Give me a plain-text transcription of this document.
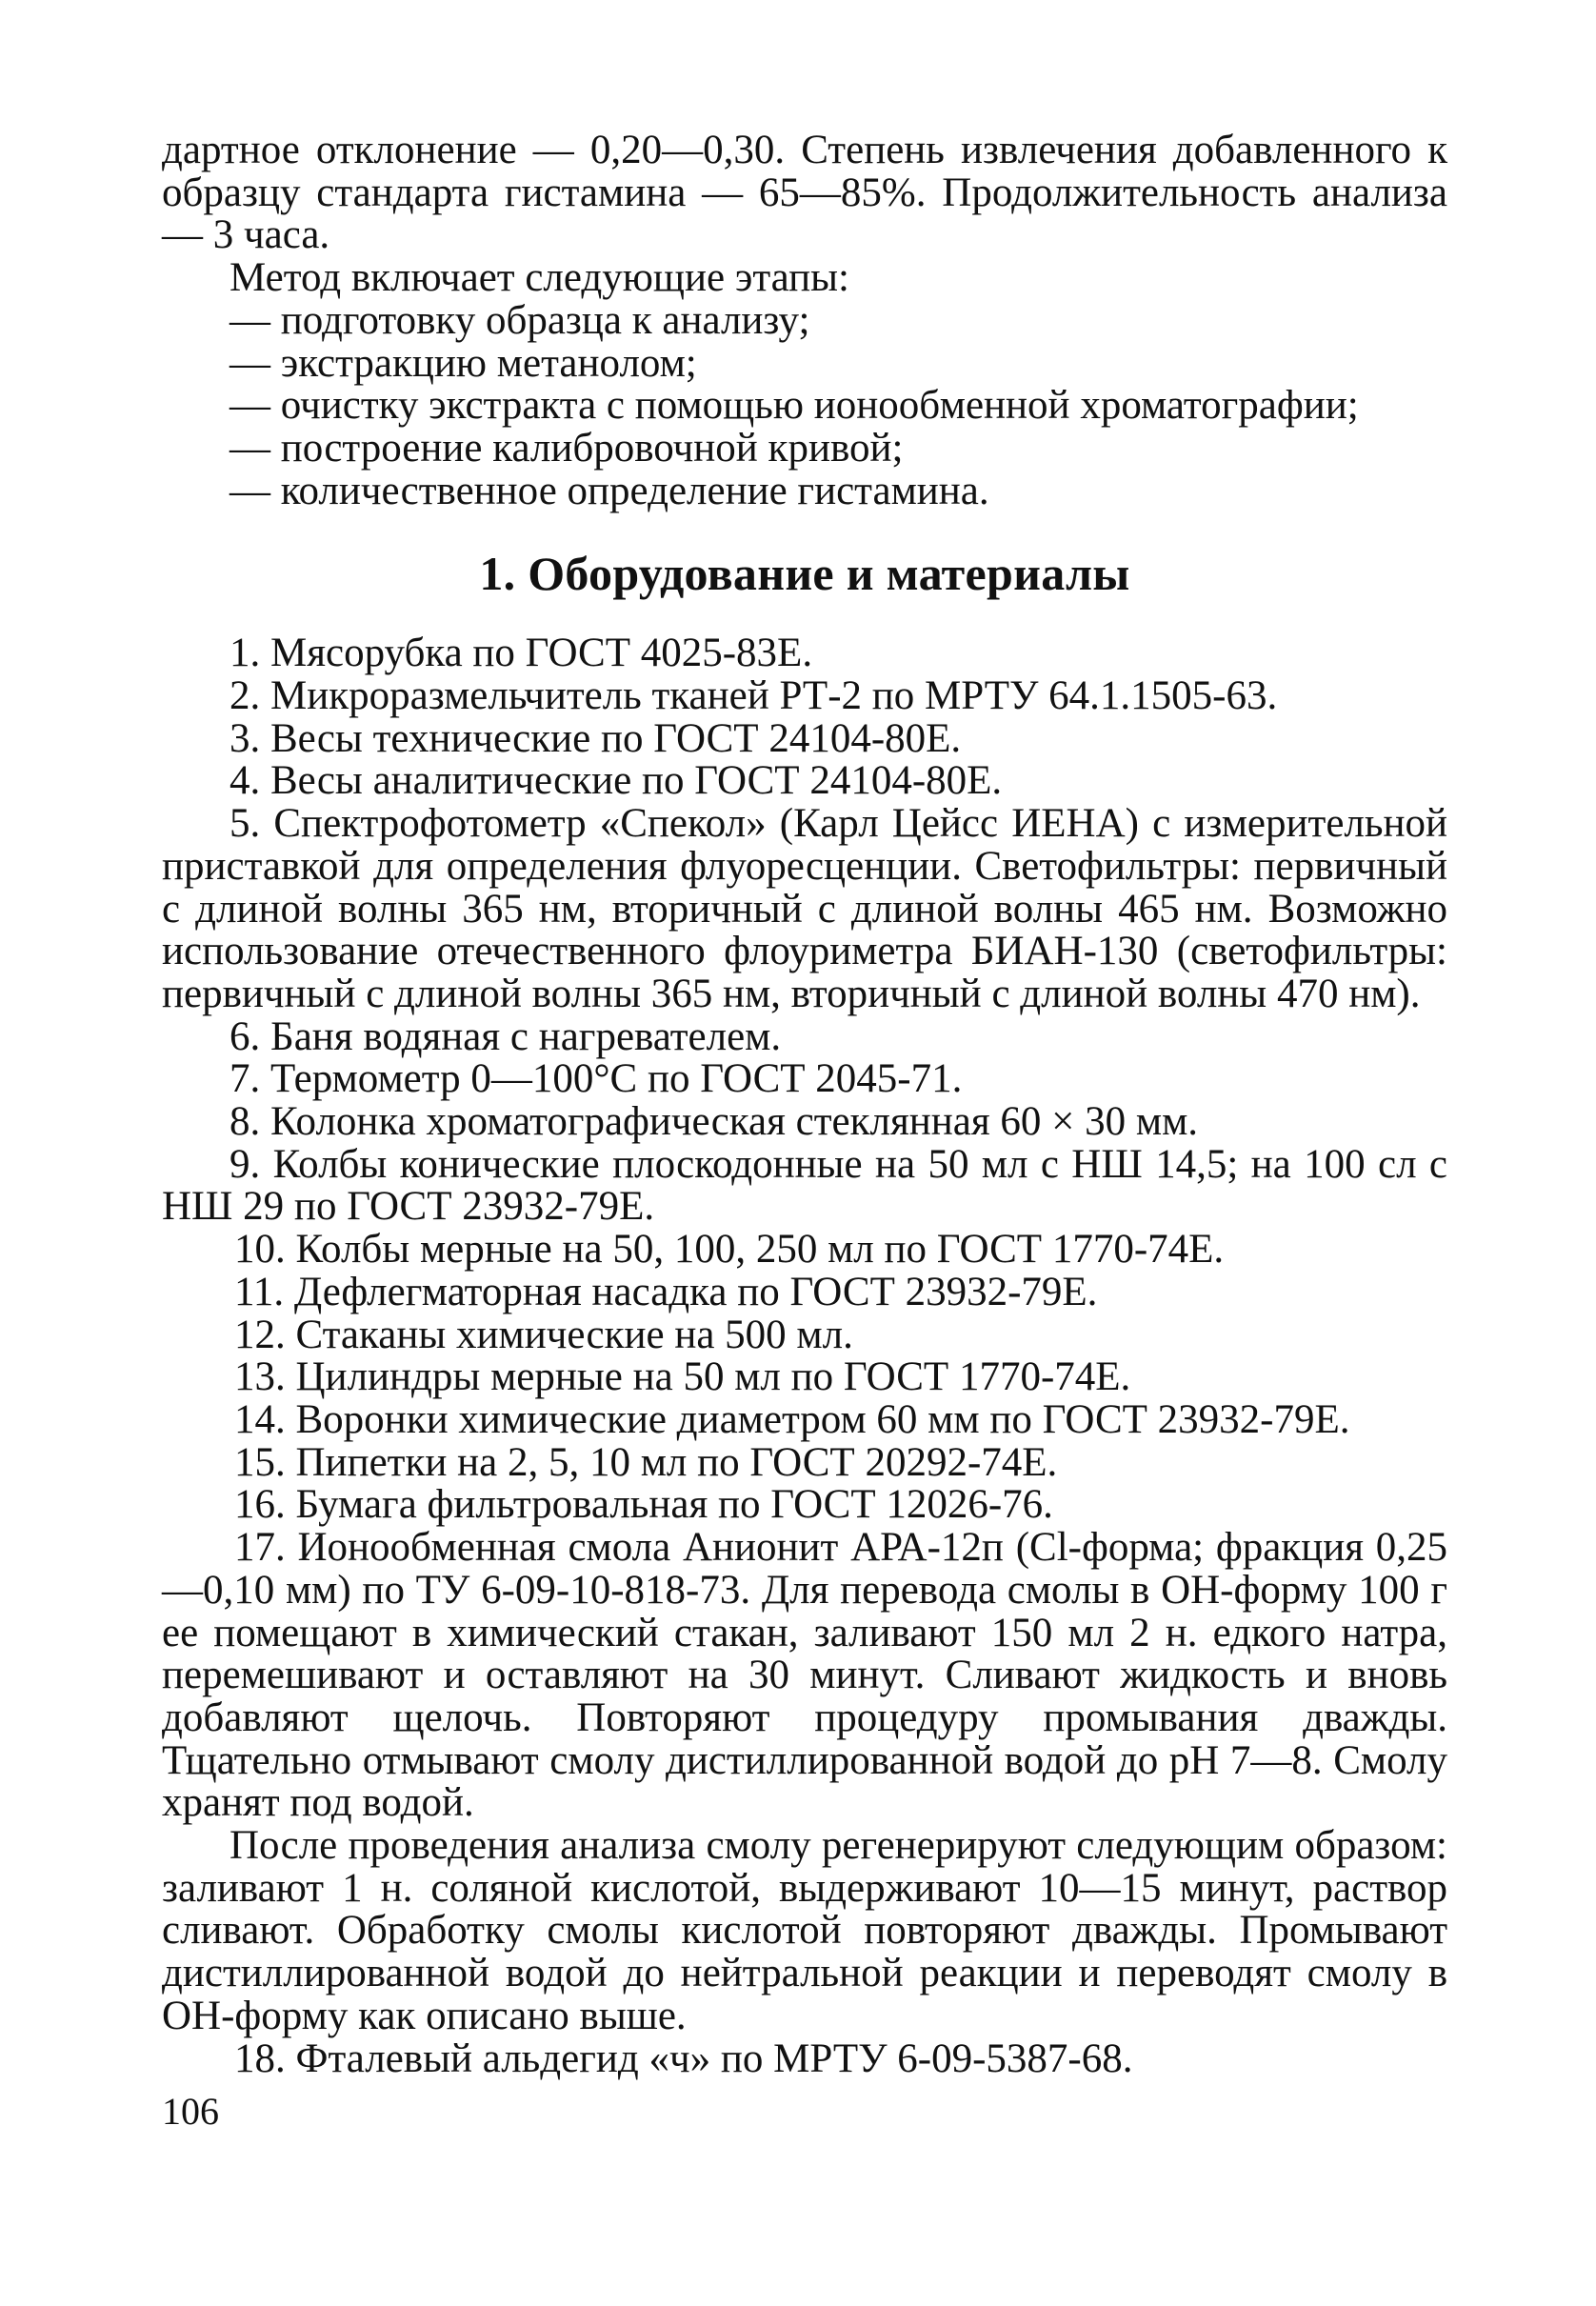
дартное отклонение — 0,20—0,30. Степень извлечения добавленного к образцу стандарта гистамина — 65—85%. Продолжительность анализа — 3 часа.

Метод включает следующие этапы:

— подготовку образца к анализу;

— экстракцию метанолом;

— очистку экстракта с помощью ионообменной хроматографии;

— построение калибровочной кривой;

— количественное определение гистамина.

1. Оборудование и материалы

1. Мясорубка по ГОСТ 4025-83Е.

2. Микроразмельчитель тканей РТ-2 по МРТУ 64.1.1505-63.

3. Весы технические по ГОСТ 24104-80Е.

4. Весы аналитические по ГОСТ 24104-80Е.

5. Спектрофотометр «Спекол» (Карл Цейсс ИЕНА) с измерительной приставкой для определения флуоресценции. Светофильтры: первичный с длиной волны 365 нм, вторичный с длиной волны 465 нм. Возможно использование отечественного флоуриметра БИАН-130 (светофильтры: первичный с длиной волны 365 нм, вторичный с длиной волны 470 нм).

6. Баня водяная с нагревателем.

7. Термометр 0—100°С по ГОСТ 2045-71.

8. Колонка хроматографическая стеклянная 60 × 30 мм.

9. Колбы конические плоскодонные на 50 мл с НШ 14,5; на 100 сл с НШ 29 по ГОСТ 23932-79Е.

10. Колбы мерные на 50, 100, 250 мл по ГОСТ 1770-74Е.

11. Дефлегматорная насадка по ГОСТ 23932-79Е.

12. Стаканы химические на 500 мл.

13. Цилиндры мерные на 50 мл по ГОСТ 1770-74Е.

14. Воронки химические диаметром 60 мм по ГОСТ 23932-79Е.

15. Пипетки на 2, 5, 10 мл по ГОСТ 20292-74Е.

16. Бумага фильтровальная по ГОСТ 12026-76.

17. Ионообменная смола Анионит АРА-12п (Сl-форма; фракция 0,25—0,10 мм) по ТУ 6-09-10-818-73. Для перевода смолы в ОН-форму 100 г ее помещают в химический стакан, заливают 150 мл 2 н. едкого натра, перемешивают и оставляют на 30 минут. Сливают жидкость и вновь добавляют щелочь. Повторяют процедуру промывания дважды. Тщательно отмывают смолу дистиллированной водой до рН 7—8. Смолу хранят под водой.

После проведения анализа смолу регенерируют следующим образом: заливают 1 н. соляной кислотой, выдерживают 10—15 минут, раствор сливают. Обработку смолы кислотой повторяют дважды. Промывают дистиллированной водой до нейтральной реакции и переводят смолу в ОН-форму как описано выше.

18. Фталевый альдегид «ч» по МРТУ 6-09-5387-68.

106
